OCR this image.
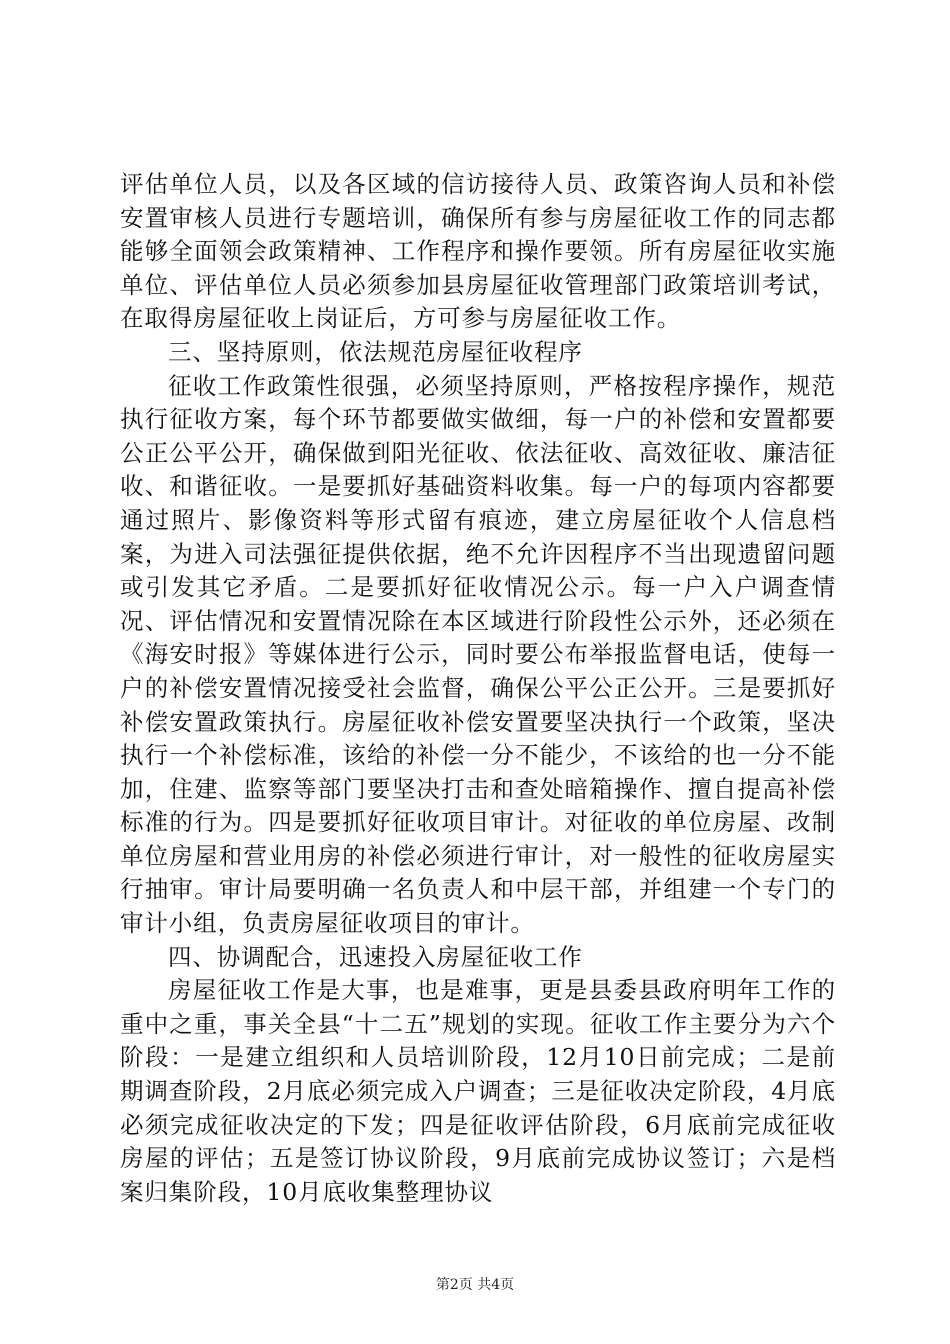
评估单位人员，以及各区域的信访接待人员、政策咨询人员和补偿安置审核人员进行专题培训，确保所有参与房屋征收工作的同志都能够全面领会政策精神、工作程序和操作要领。所有房屋征收实施单位、评估单位人员必须参加县房屋征收管理部门政策培训考试，在取得房屋征收上岗证后，方可参与房屋征收工作。

三、坚持原则，依法规范房屋征收程序

征收工作政策性很强，必须坚持原则，严格按程序操作，规范执行征收方案，每个环节都要做实做细，每一户的补偿和安置都要公正公平公开，确保做到阳光征收、依法征收、高效征收、廉洁征收、和谐征收。一是要抓好基础资料收集。每一户的每项内容都要通过照片、影像资料等形式留有痕迹，建立房屋征收个人信息档案，为进入司法强征提供依据，绝不允许因程序不当出现遗留问题或引发其它矛盾。二是要抓好征收情况公示。每一户入户调查情况、评估情况和安置情况除在本区域进行阶段性公示外，还必须在《海安时报》等媒体进行公示，同时要公布举报监督电话，使每一户的补偿安置情况接受社会监督，确保公平公正公开。三是要抓好补偿安置政策执行。房屋征收补偿安置要坚决执行一个政策，坚决执行一个补偿标准，该给的补偿一分不能少，不该给的也一分不能加，住建、监察等部门要坚决打击和查处暗箱操作、擅自提高补偿标准的行为。四是要抓好征收项目审计。对征收的单位房屋、改制单位房屋和营业用房的补偿必须进行审计，对一般性的征收房屋实行抽审。审计局要明确一名负责人和中层干部，并组建一个专门的审计小组，负责房屋征收项目的审计。

四、协调配合，迅速投入房屋征收工作

房屋征收工作是大事，也是难事，更是县委县政府明年工作的重中之重，事关全县“十二五”规划的实现。征收工作主要分为六个阶段：一是建立组织和人员培训阶段，12月10日前完成；二是前期调查阶段，2月底必须完成入户调查；三是征收决定阶段，4月底必须完成征收决定的下发；四是征收评估阶段，6月底前完成征收房屋的评估；五是签订协议阶段，9月底前完成协议签订；六是档案归集阶段，10月底收集整理协议

第2页 共4页
